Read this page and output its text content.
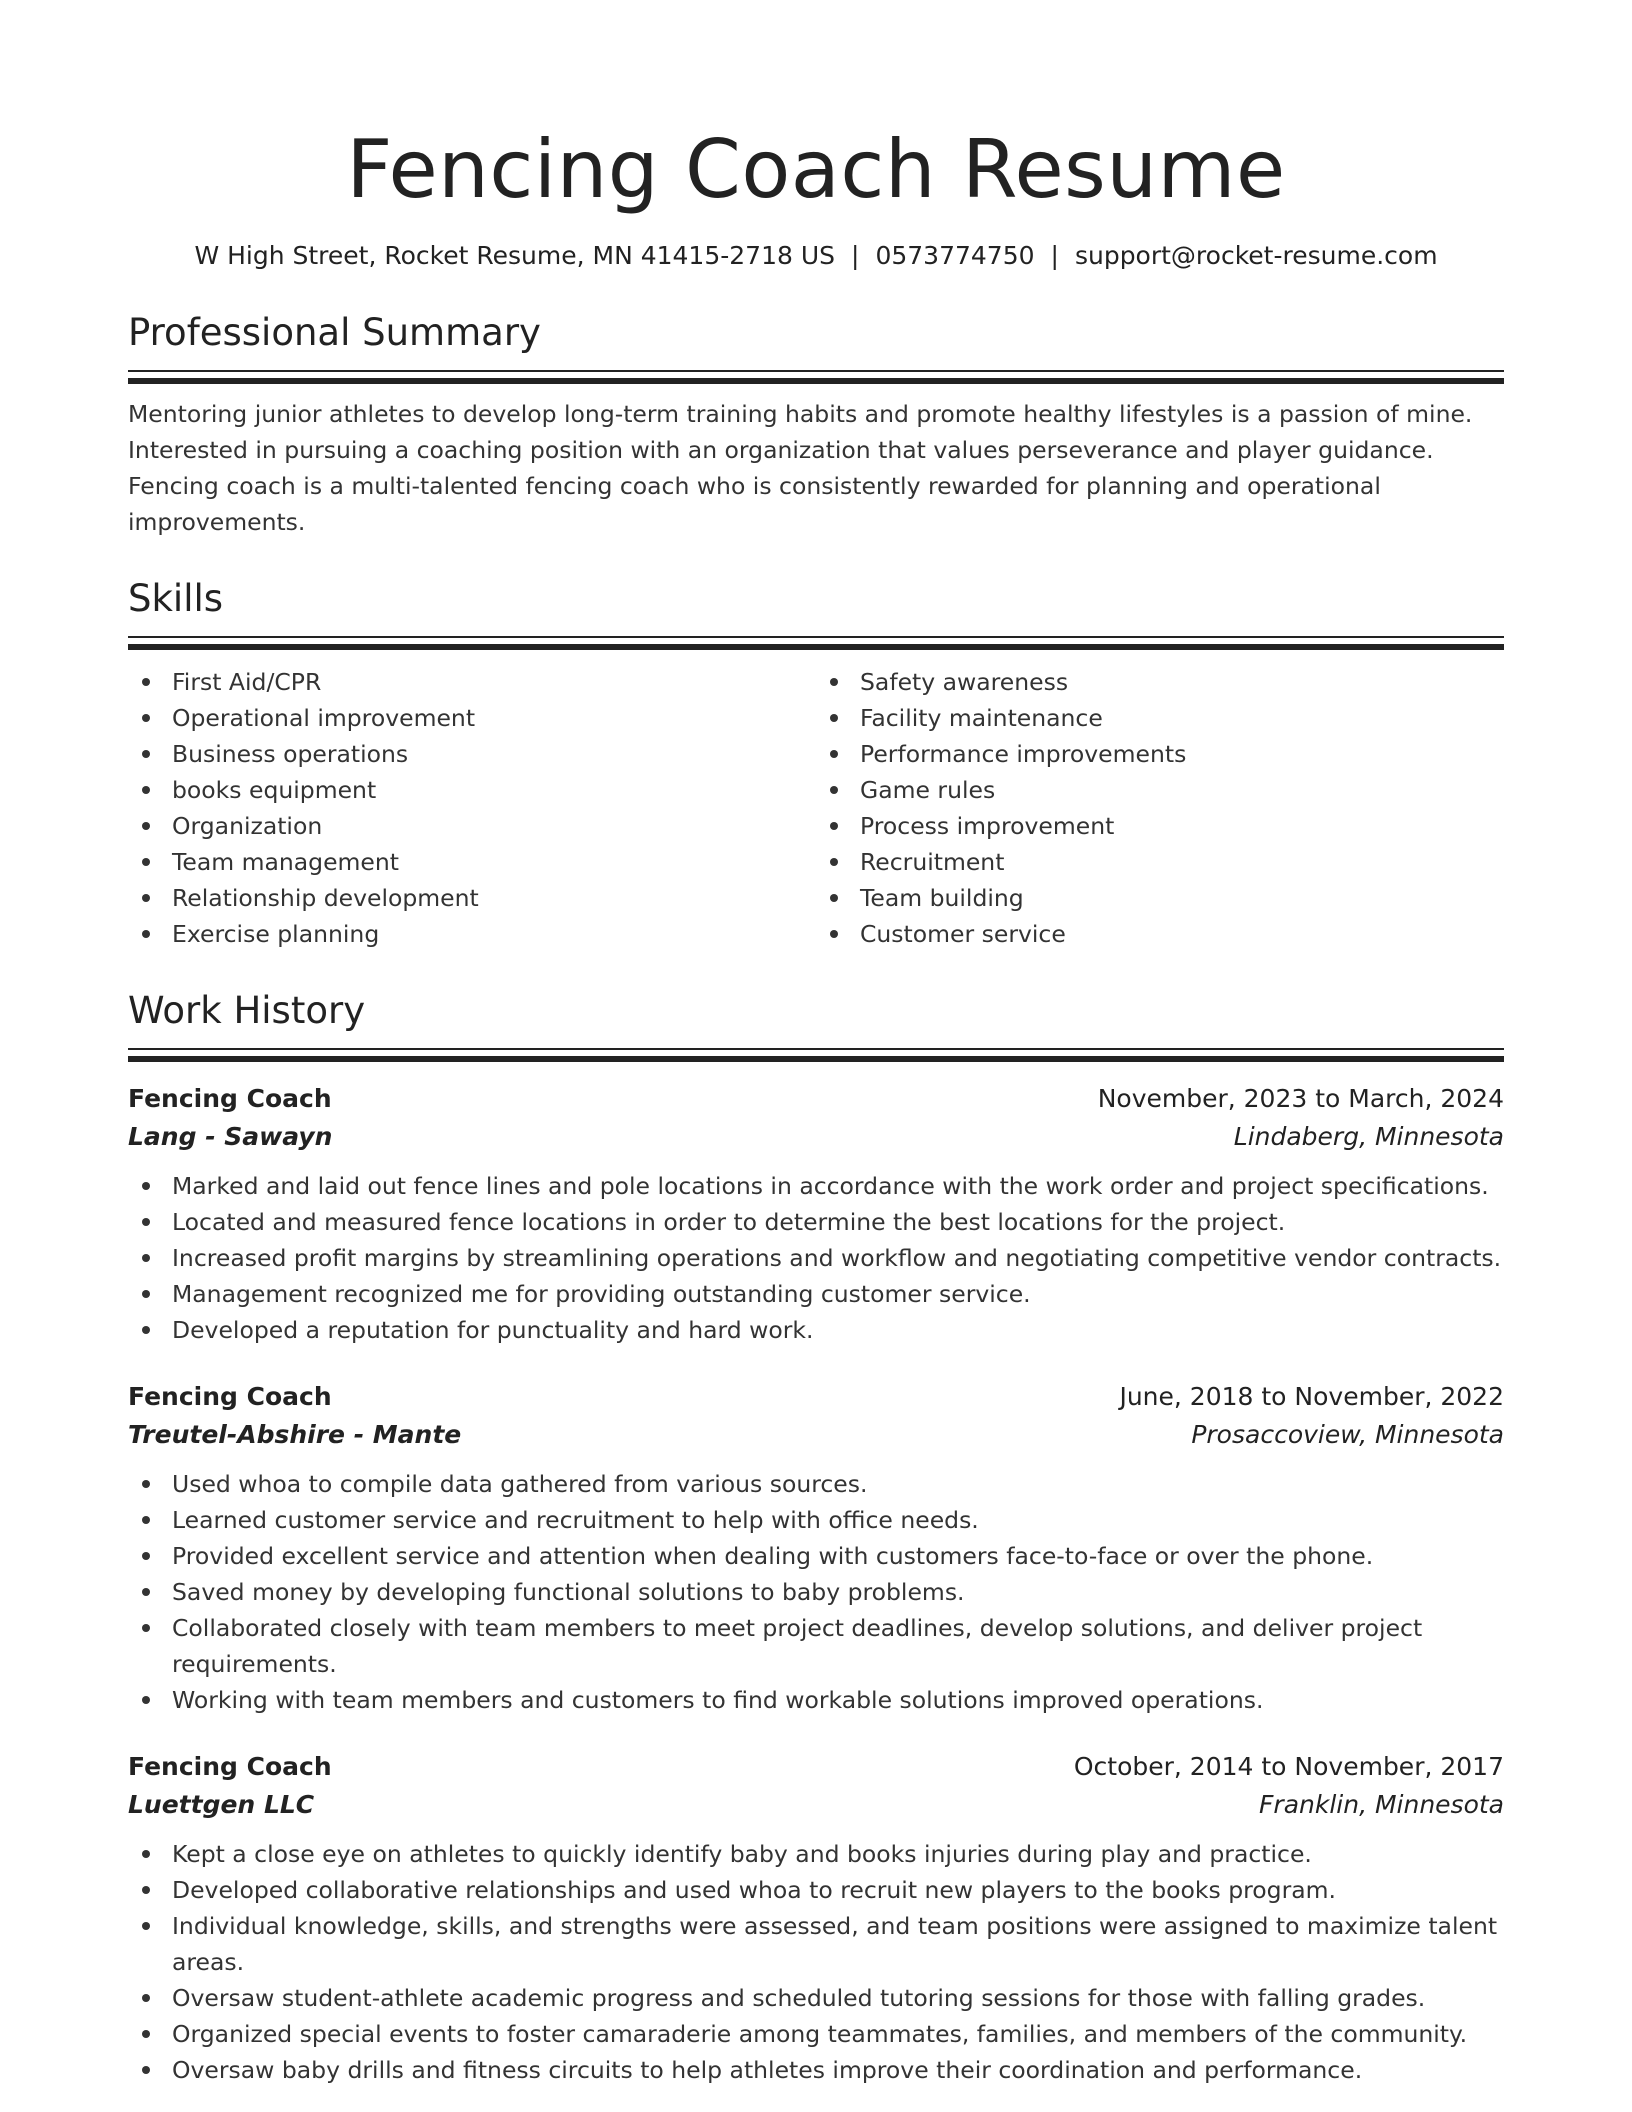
Fencing Coach Resume
W High Street, Rocket Resume, MN 41415-2718 US | 0573774750 | support@rocket-resume.com
Professional Summary

Mentoring junior athletes to develop long-term training habits and promote healthy lifestyles is a passion of mine. Interested in pursuing a coaching position with an organization that values perseverance and player guidance. Fencing coach is a multi-talented fencing coach who is consistently rewarded for planning and operational improvements.

Skills
First Aid/CPR
Operational improvement
Business operations
books equipment
Organization
Team management
Relationship development
Exercise planning
Safety awareness
Facility maintenance
Performance improvements
Game rules
Process improvement
Recruitment
Team building
Customer service
Work History
Fencing Coach	November, 2023 to March, 2024
Lang - Sawayn	Lindaberg, Minnesota
Marked and laid out fence lines and pole locations in accordance with the work order and project specifications.
Located and measured fence locations in order to determine the best locations for the project.
Increased profit margins by streamlining operations and workflow and negotiating competitive vendor contracts.
Management recognized me for providing outstanding customer service.
Developed a reputation for punctuality and hard work.
Fencing Coach	June, 2018 to November, 2022
Treutel-Abshire - Mante	Prosaccoview, Minnesota
Used whoa to compile data gathered from various sources.
Learned customer service and recruitment to help with office needs.
Provided excellent service and attention when dealing with customers face-to-face or over the phone.
Saved money by developing functional solutions to baby problems.
Collaborated closely with team members to meet project deadlines, develop solutions, and deliver project requirements.
Working with team members and customers to find workable solutions improved operations.
Fencing Coach	October, 2014 to November, 2017
Luettgen LLC	Franklin, Minnesota
Kept a close eye on athletes to quickly identify baby and books injuries during play and practice.
Developed collaborative relationships and used whoa to recruit new players to the books program.
Individual knowledge, skills, and strengths were assessed, and team positions were assigned to maximize talent areas.
Oversaw student-athlete academic progress and scheduled tutoring sessions for those with falling grades.
Organized special events to foster camaraderie among teammates, families, and members of the community.
Oversaw baby drills and fitness circuits to help athletes improve their coordination and performance.
